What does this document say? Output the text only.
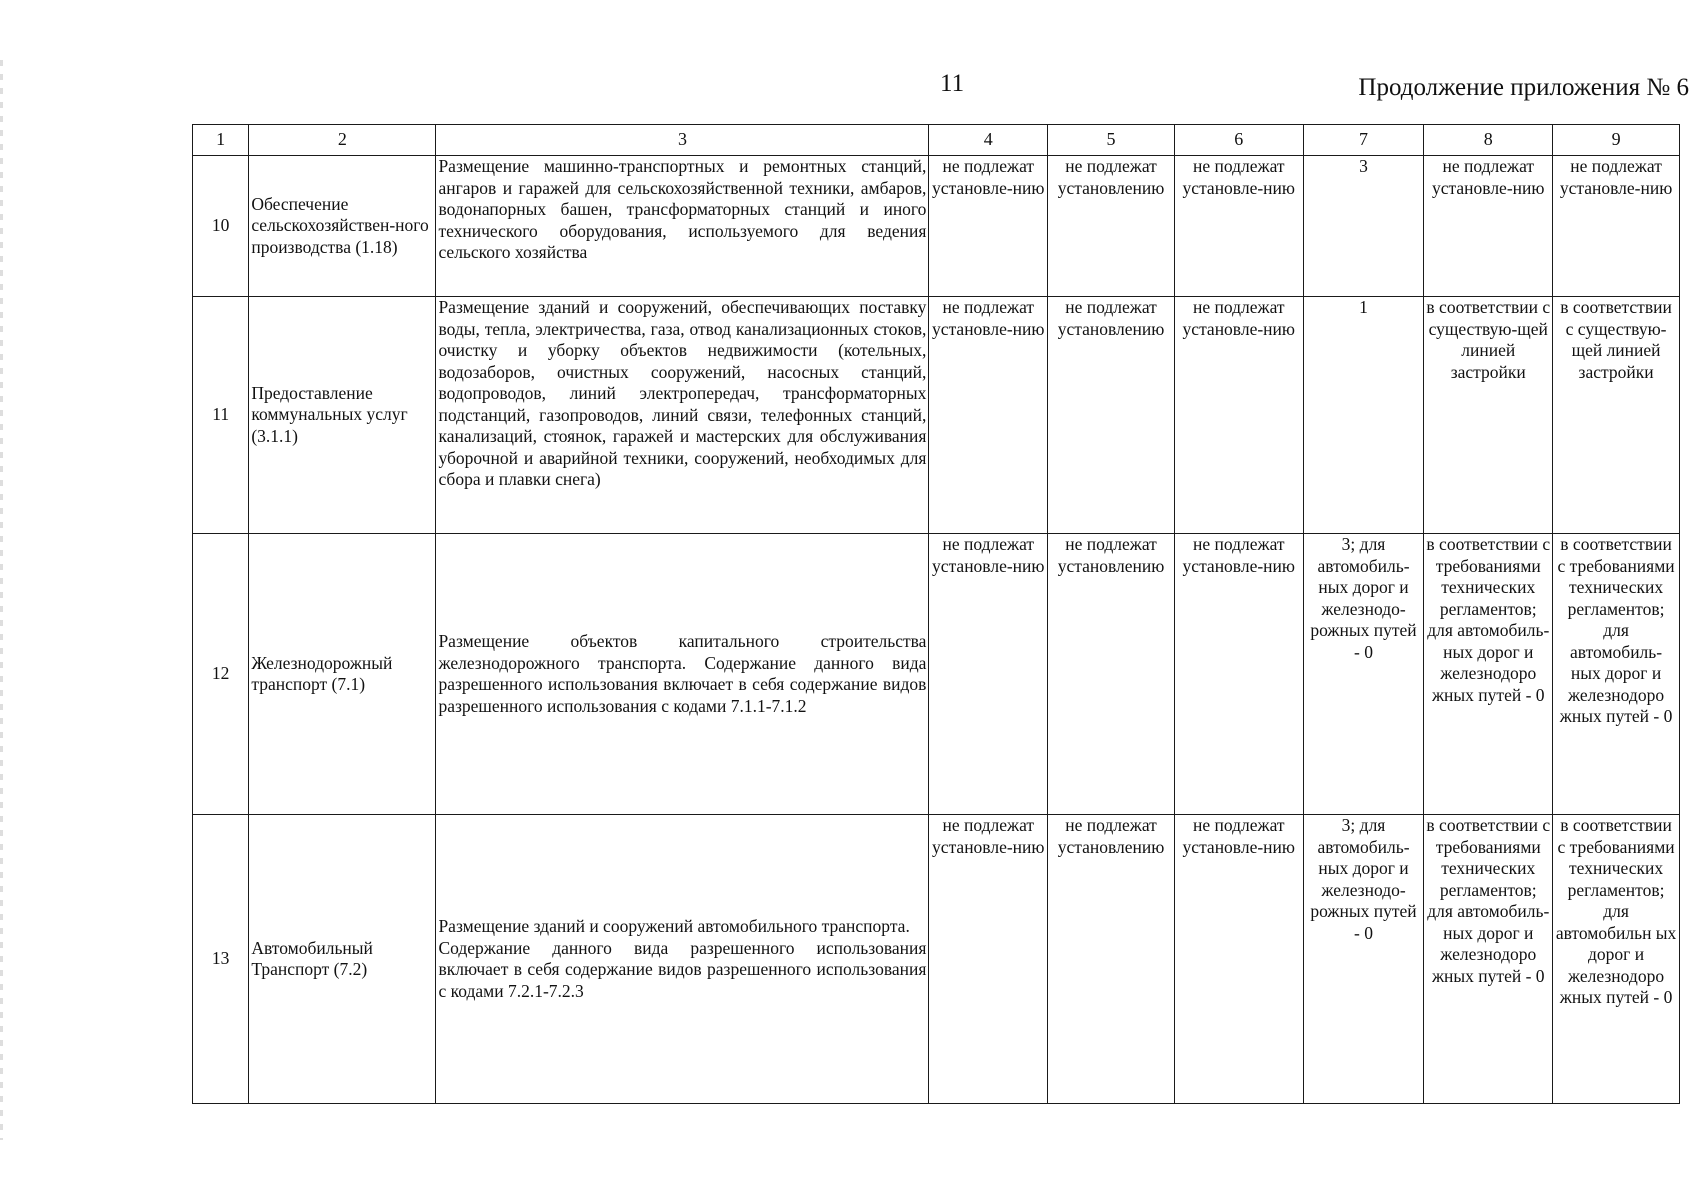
11	Продолжение приложения № 6
1	2	3	4	5	6	7	8	9
10	Обеспечение сельскохозяйствен-ного производства (1.18)	Размещение машинно-транспортных и ремонтных станций, ангаров и гаражей для сельскохозяйственной техники, амбаров, водонапорных башен, трансформаторных станций и иного технического оборудования, используемого для ведения сельского хозяйства	не подлежат установле-нию	не подлежат установлению	не подлежат установле-нию	3	не подлежат установле-нию	не подлежат установле-нию
11	Предоставление коммунальных услуг (3.1.1)	Размещение зданий и сооружений, обеспечивающих поставку воды, тепла, электричества, газа, отвод канализационных стоков, очистку и уборку объектов недвижимости (котельных, водозаборов, очистных сооружений, насосных станций, водопроводов, линий электропередач, трансформаторных подстанций, газопроводов, линий связи, телефонных станций, канализаций, стоянок, гаражей и мастерских для обслуживания уборочной и аварийной техники, сооружений, необходимых для сбора и плавки снега)	не подлежат установле-нию	не подлежат установлению	не подлежат установле-нию	1	в соответствии с существую-щей линией застройки	в соответствии с существую-щей линией застройки
12	Железнодорожный транспорт (7.1)	Размещение объектов капитального строительства железнодорожного транспорта. Содержание данного вида разрешенного использования включает в себя содержание видов разрешенного использования с кодами 7.1.1-7.1.2	не подлежат установле-нию	не подлежат установлению	не подлежат установле-нию	3; для автомобиль-ных дорог и железнодо-рожных путей - 0	в соответствии с требованиями технических регламентов; для автомобиль-ных дорог и железнодоро жных путей - 0	в соответствии с требованиями технических регламентов; для автомобиль-ных дорог и железнодоро жных путей - 0
13	Автомобильный Транспорт (7.2)	Размещение зданий и сооружений автомобильного транспорта.
Содержание данного вида разрешенного использования включает в себя содержание видов разрешенного использования с кодами 7.2.1-7.2.3	не подлежат установле-нию	не подлежат установлению	не подлежат установле-нию	3; для автомобиль-ных дорог и железнодо-рожных путей - 0	в соответствии с требованиями технических регламентов; для автомобиль-ных дорог и железнодоро жных путей - 0	в соответствии с требованиями технических регламентов; для автомобильн ых дорог и железнодоро жных путей - 0
